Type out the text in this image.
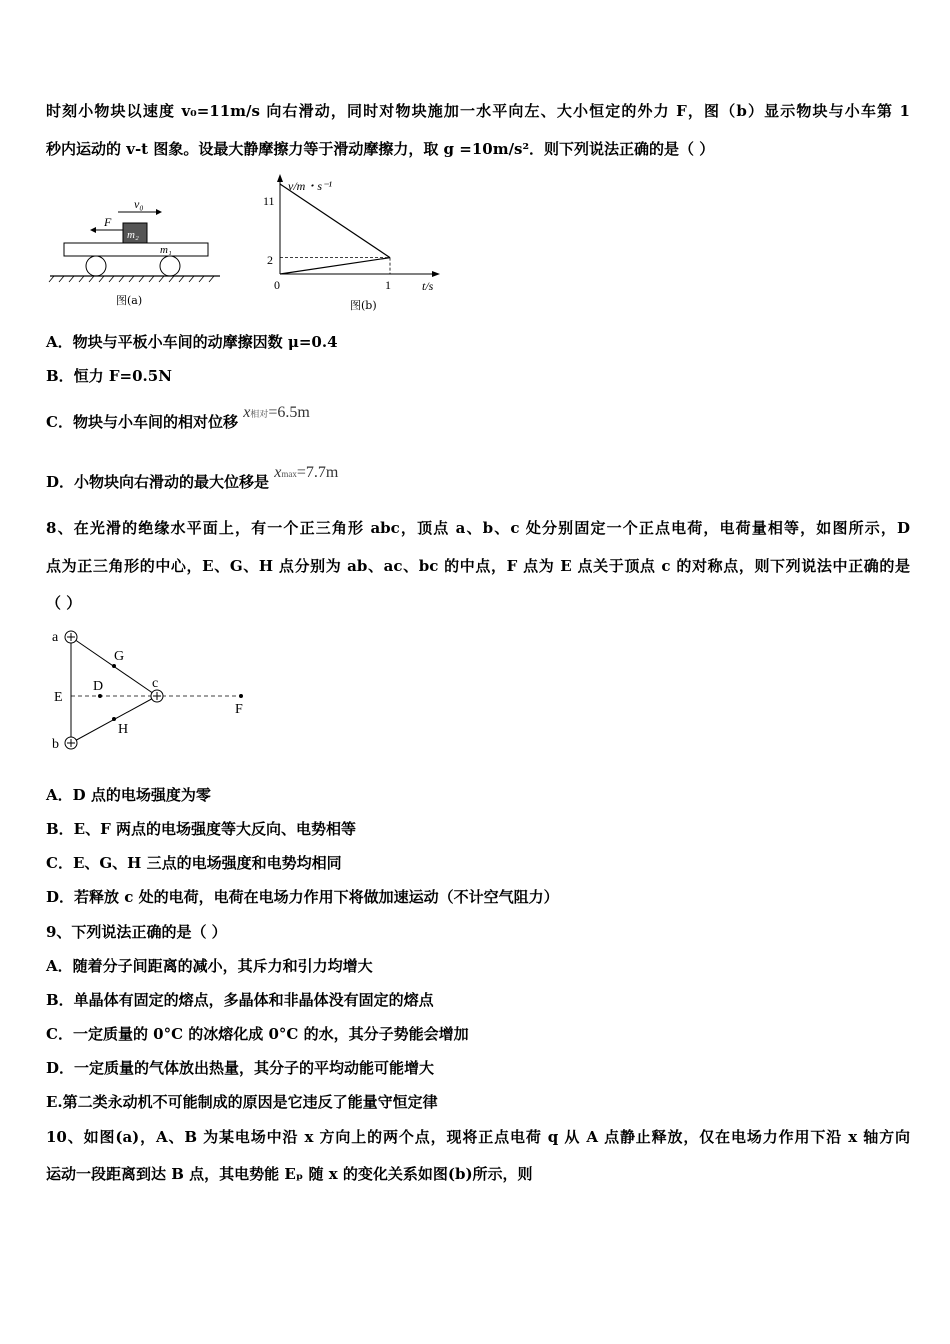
时刻小物块以速度 v₀=11m/s 向右滑动，同时对物块施加一水平向左、大小恒定的外力 F，图（b）显示物块与小车第 1
秒内运动的 v-t 图象。设最大静摩擦力等于滑动摩擦力，取 g =10m/s²．则下列说法正确的是（ ）
v₀
F
m₂
m₁
图(a)
v/m・s⁻¹
t/s
11
2
0	1
图(b)
A．物块与平板小车间的动摩擦因数 μ=0.4
B．恒力 F=0.5N
C．物块与小车间的相对位移 x相对=6.5m
D．小物块向右滑动的最大位移是 xmax=7.7m
8、在光滑的绝缘水平面上，有一个正三角形 abc，顶点 a、b、c 处分别固定一个正点电荷，电荷量相等，如图所示，D
点为正三角形的中心，E、G、H 点分别为 ab、ac、bc 的中点，F 点为 E 点关于顶点 c 的对称点，则下列说法中正确的是
（ ）
a
b
c
E
D
G
H
F
A．D 点的电场强度为零
B．E、F 两点的电场强度等大反向、电势相等
C．E、G、H 三点的电场强度和电势均相同
D．若释放 c 处的电荷，电荷在电场力作用下将做加速运动（不计空气阻力）
9、下列说法正确的是（ ）
A．随着分子间距离的减小，其斥力和引力均增大
B．单晶体有固定的熔点，多晶体和非晶体没有固定的熔点
C．一定质量的 0°C 的冰熔化成 0°C 的水，其分子势能会增加
D．一定质量的气体放出热量，其分子的平均动能可能增大
E.第二类永动机不可能制成的原因是它违反了能量守恒定律
10、如图(a)，A、B 为某电场中沿 x 方向上的两个点，现将正点电荷 q 从 A 点静止释放，仅在电场力作用下沿 x 轴方向
运动一段距离到达 B 点，其电势能 Eₚ 随 x 的变化关系如图(b)所示，则
